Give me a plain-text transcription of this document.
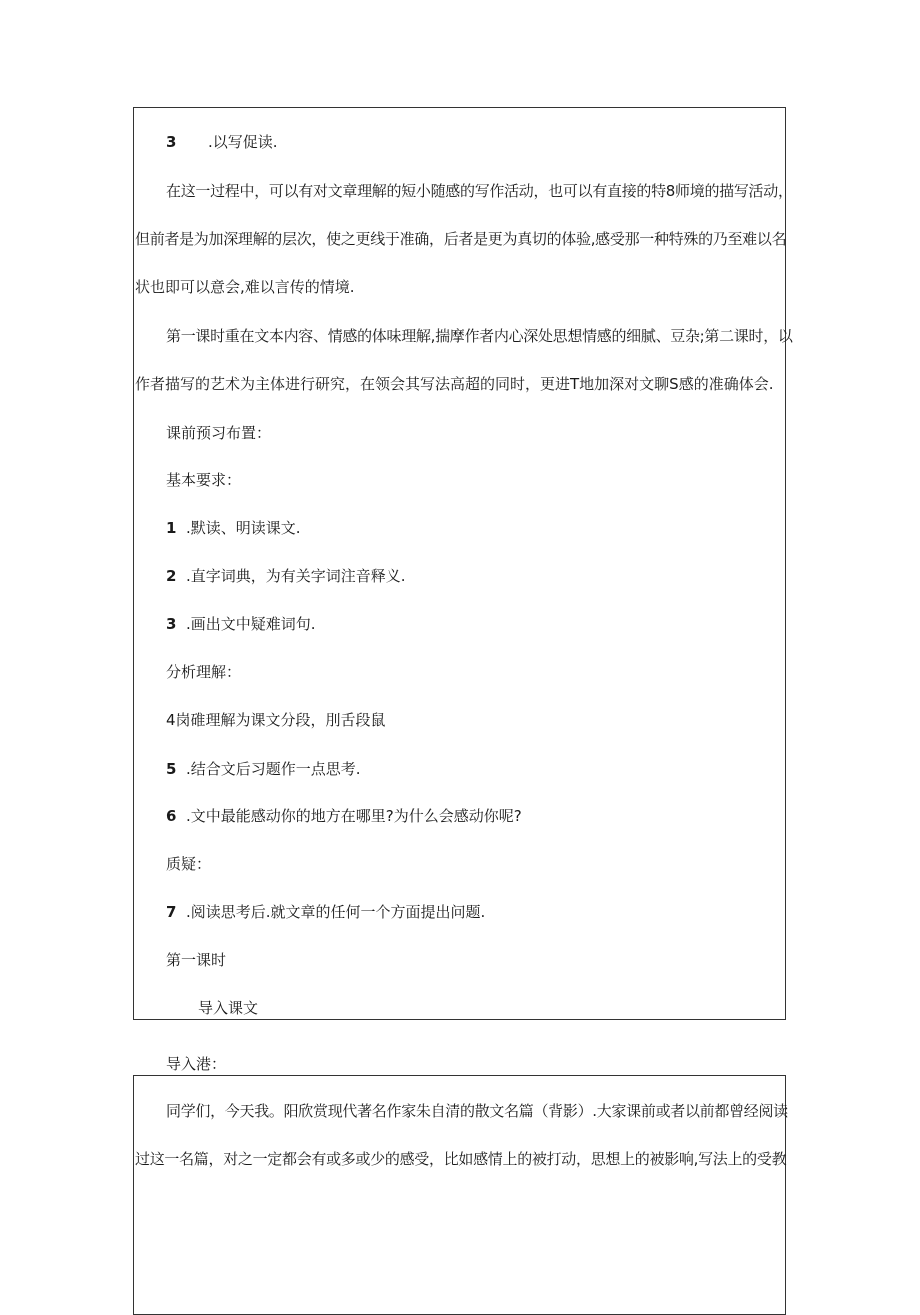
3 .以写促读.
在这一过程中，可以有对文章理解的短小随感的写作活动，也可以有直接的特8师境的描写活动，
但前者是为加深理解的层次，使之更线于准确，后者是更为真切的体验,感受那一种特殊的乃至难以名
状也即可以意会,难以言传的情境.
第一课时重在文本内容、情感的体味理解,揣摩作者内心深处思想情感的细腻、豆杂;第二课时，以
作者描写的艺术为主体进行研究，在领会其写法高超的同时，更进T地加深对文聊S感的准确体会.
课前预习布置：
基本要求：
1 .默读、明读课文.
2 .直字词典，为有关字词注音释义.
3 .画出文中疑难词句.
分析理解：
4岗碓理解为课文分段，刖舌段鼠
5 .结合文后习题作一点思考.
6 .文中最能感动你的地方在哪里?为什么会感动你呢?
质疑：
7 .阅读思考后.就文章的任何一个方面提出问题.
第一课时
导入课文
导入港：
同学们，今天我。阳欣赏现代著名作家朱自清的散文名篇（背影）.大家课前或者以前都曾经阅读
过这一名篇，对之一定都会有或多或少的感受，比如感情上的被打动，思想上的被影响,写法上的受教
